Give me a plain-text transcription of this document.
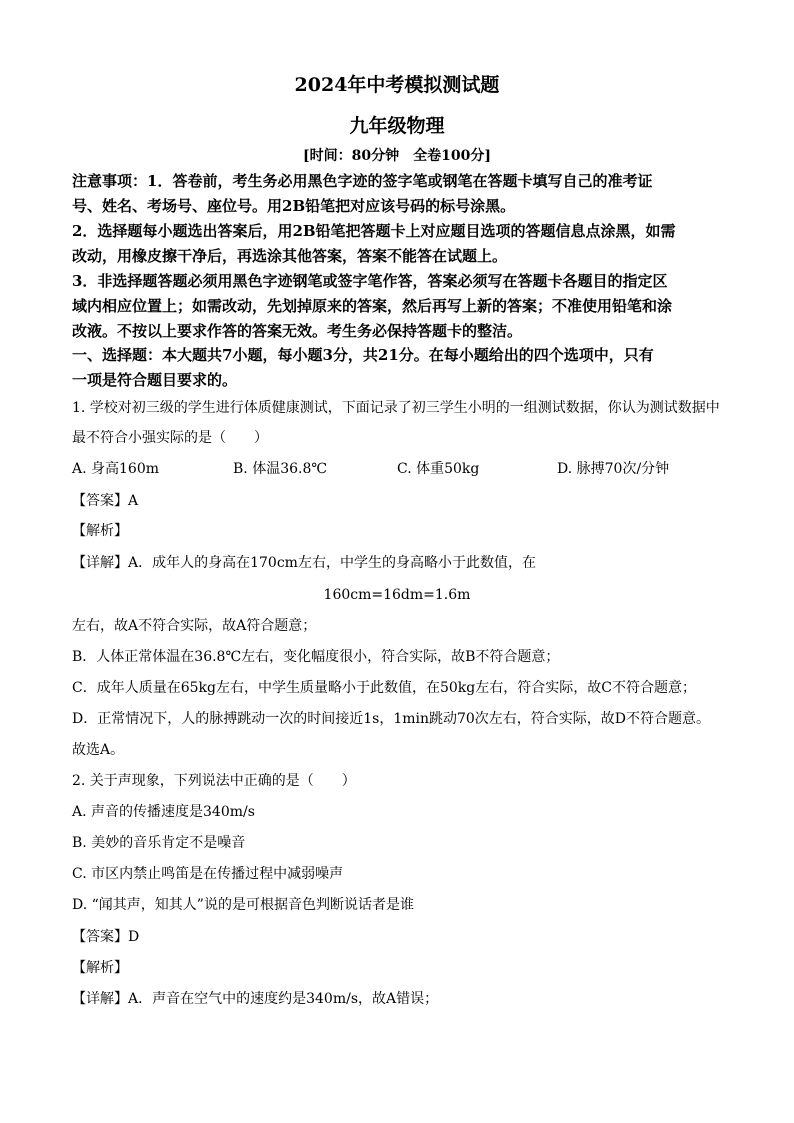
2024年中考模拟测试题
九年级物理
[时间：80分钟　全卷100分]
注意事项：1．答卷前，考生务必用黑色字迹的签字笔或钢笔在答题卡填写自己的准考证
号、姓名、考场号、座位号。用2B铅笔把对应该号码的标号涂黑。
2．选择题每小题选出答案后，用2B铅笔把答题卡上对应题目选项的答题信息点涂黑，如需
改动，用橡皮擦干净后，再选涂其他答案，答案不能答在试题上。
3．非选择题答题必须用黑色字迹钢笔或签字笔作答，答案必须写在答题卡各题目的指定区
域内相应位置上；如需改动，先划掉原来的答案，然后再写上新的答案；不准使用铅笔和涂
改液。不按以上要求作答的答案无效。考生务必保持答题卡的整洁。
一、选择题：本大题共7小题，每小题3分，共21分。在每小题给出的四个选项中，只有
一项是符合题目要求的。
1. 学校对初三级的学生进行体质健康测试，下面记录了初三学生小明的一组测试数据，你认为测试数据中
最不符合小强实际的是（　　）
A. 身高160m	B. 体温36.8℃	C. 体重50kg	D. 脉搏70次/分钟
【答案】A
【解析】
【详解】A．成年人的身高在170cm左右，中学生的身高略小于此数值，在
160cm=16dm=1.6m
左右，故A不符合实际，故A符合题意；
B．人体正常体温在36.8℃左右，变化幅度很小，符合实际，故B不符合题意；
C．成年人质量在65kg左右，中学生质量略小于此数值，在50kg左右，符合实际，故C不符合题意；
D．正常情况下，人的脉搏跳动一次的时间接近1s，1min跳动70次左右，符合实际，故D不符合题意。
故选A。
2. 关于声现象，下列说法中正确的是（　　）
A. 声音的传播速度是340m/s
B. 美妙的音乐肯定不是噪音
C. 市区内禁止鸣笛是在传播过程中减弱噪声
D. “闻其声，知其人”说的是可根据音色判断说话者是谁
【答案】D
【解析】
【详解】A．声音在空气中的速度约是340m/s，故A错误；
